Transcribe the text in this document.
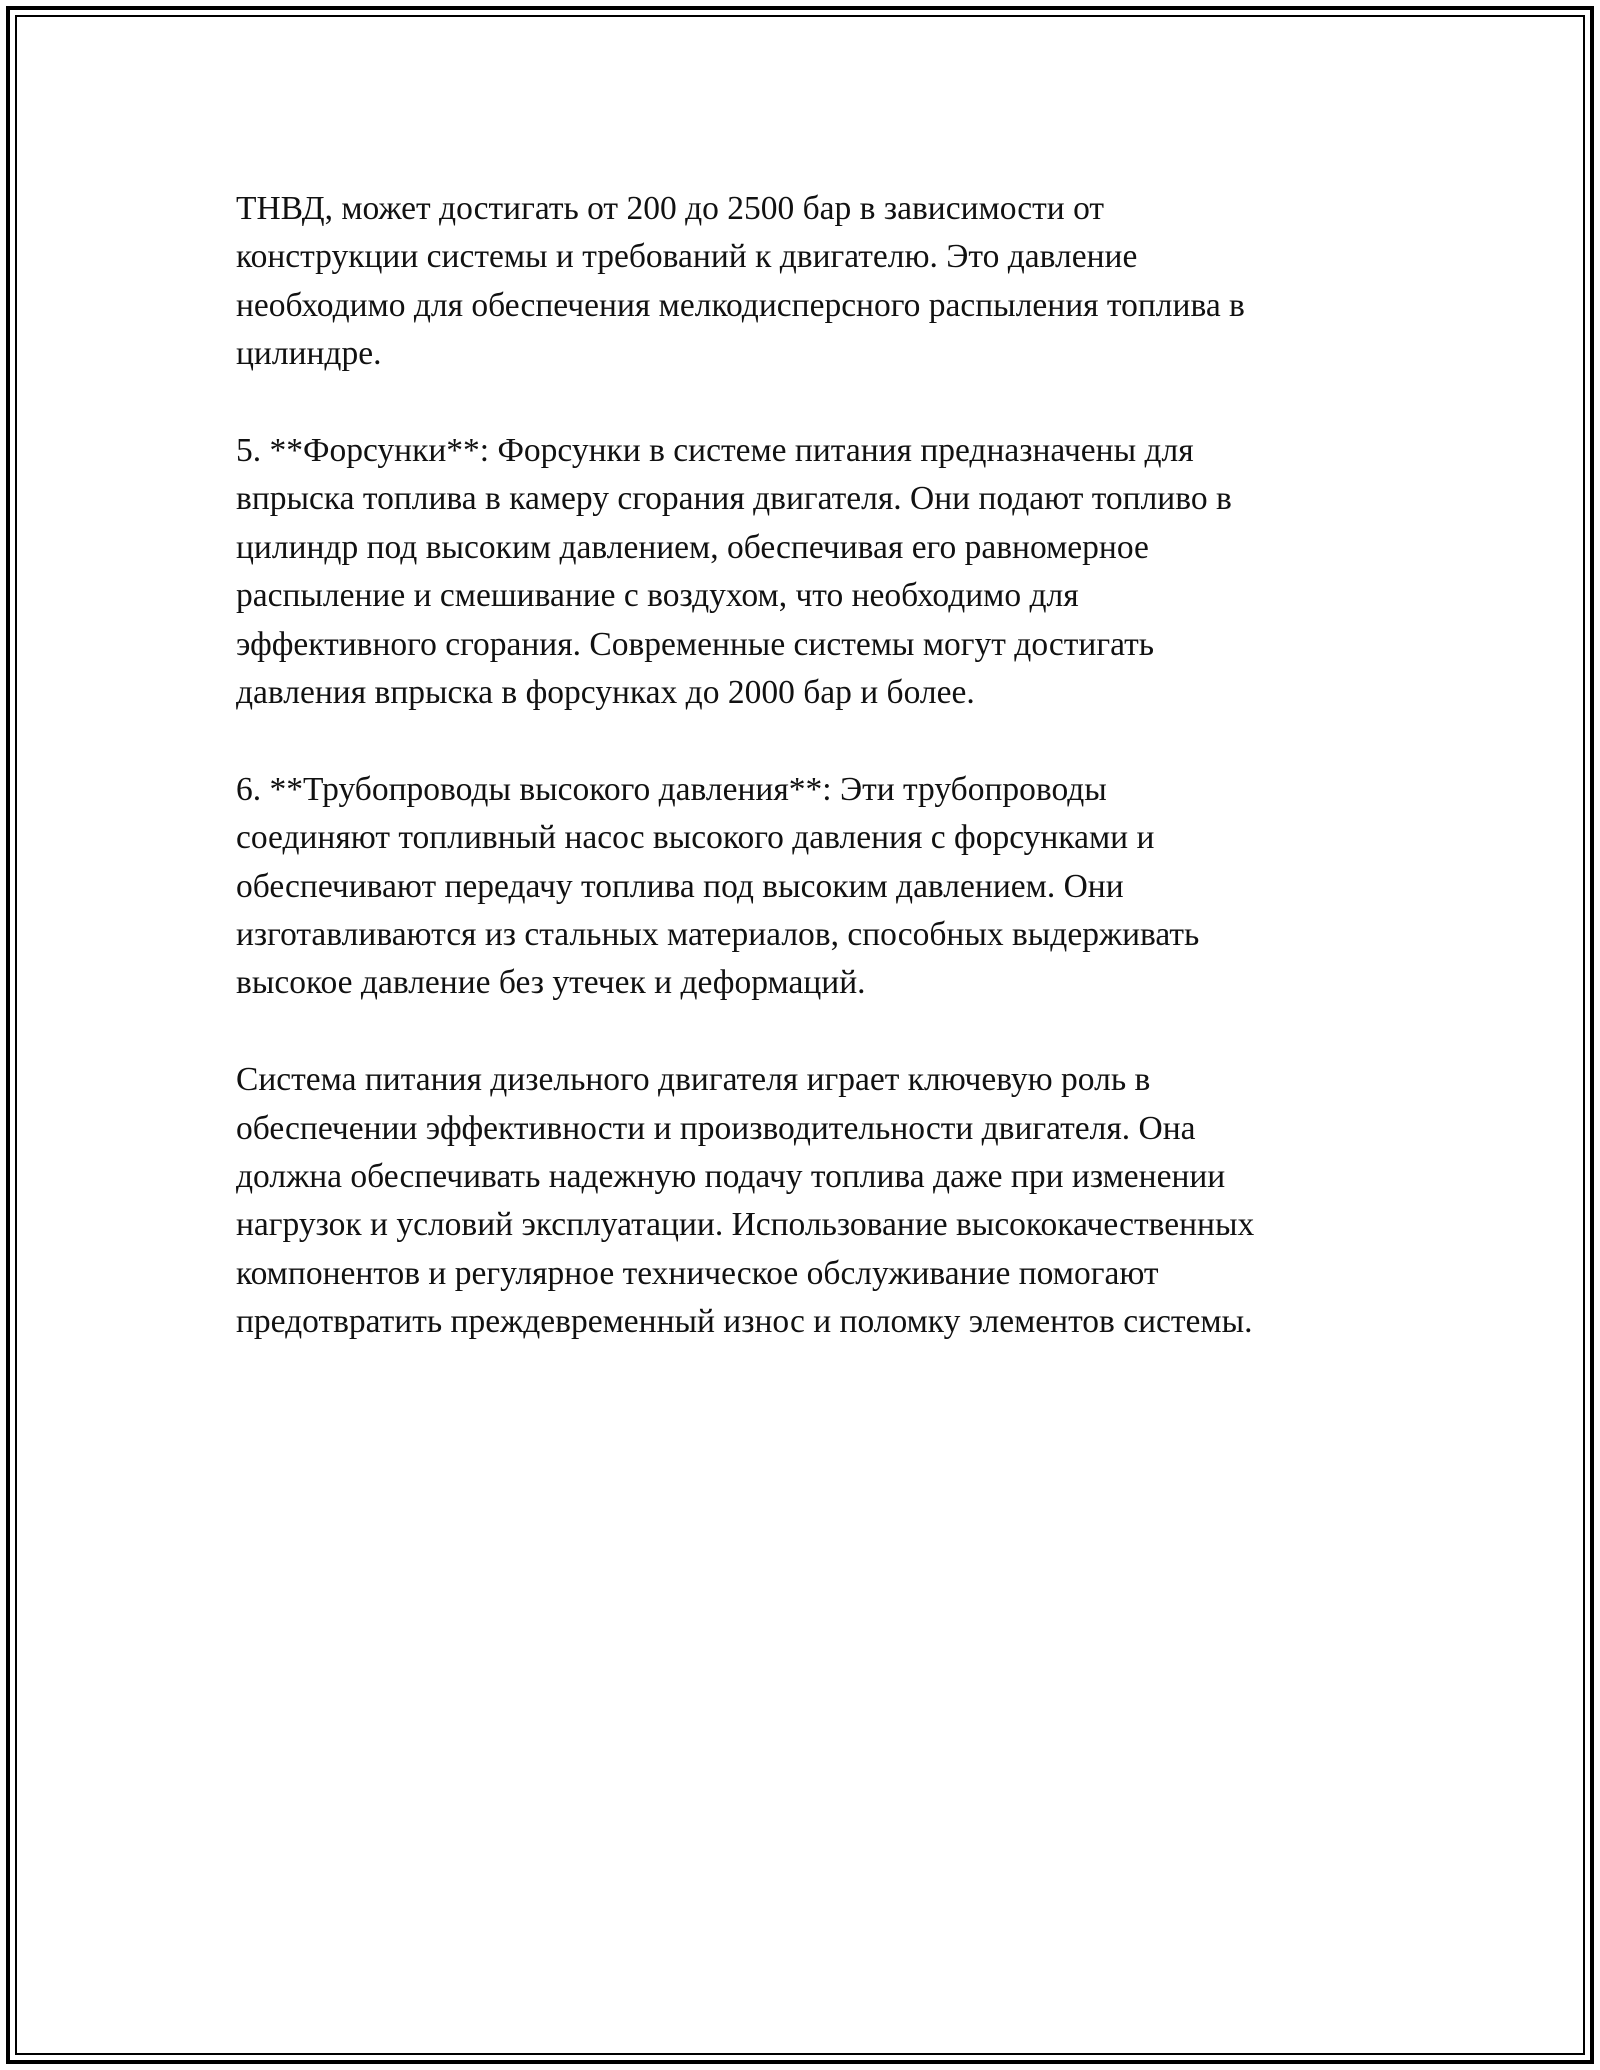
ТНВД, может достигать от 200 до 2500 бар в зависимости от
конструкции системы и требований к двигателю. Это давление
необходимо для обеспечения мелкодисперсного распыления топлива в
цилиндре.

5. **Форсунки**: Форсунки в системе питания предназначены для
впрыска топлива в камеру сгорания двигателя. Они подают топливо в
цилиндр под высоким давлением, обеспечивая его равномерное
распыление и смешивание с воздухом, что необходимо для
эффективного сгорания. Современные системы могут достигать
давления впрыска в форсунках до 2000 бар и более.

6. **Трубопроводы высокого давления**: Эти трубопроводы
соединяют топливный насос высокого давления с форсунками и
обеспечивают передачу топлива под высоким давлением. Они
изготавливаются из стальных материалов, способных выдерживать
высокое давление без утечек и деформаций.

Система питания дизельного двигателя играет ключевую роль в
обеспечении эффективности и производительности двигателя. Она
должна обеспечивать надежную подачу топлива даже при изменении
нагрузок и условий эксплуатации. Использование высококачественных
компонентов и регулярное техническое обслуживание помогают
предотвратить преждевременный износ и поломку элементов системы.
